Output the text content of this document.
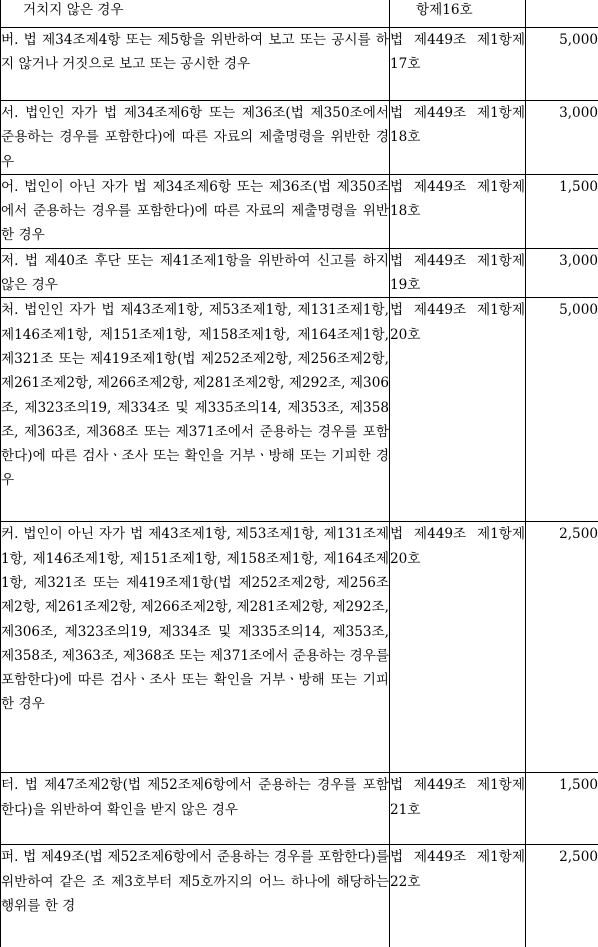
거치지 않은 경우	항제16호	

버. 법 제34조제4항 또는 제5항을 위반하여 보고 또는 공시를 하지 않거나 거짓으로 보고 또는 공시한 경우	법 제449조 제1항제17호	5,000

서. 법인인 자가 법 제34조제6항 또는 제36조(법 제350조에서 준용하는 경우를 포함한다)에 따른 자료의 제출명령을 위반한 경우	법 제449조 제1항제18호	3,000

어. 법인이 아닌 자가 법 제34조제6항 또는 제36조(법 제350조에서 준용하는 경우를 포함한다)에 따른 자료의 제출명령을 위반한 경우	법 제449조 제1항제18호	1,500

저. 법 제40조 후단 또는 제41조제1항을 위반하여 신고를 하지 않은 경우	법 제449조 제1항제19호	3,000

처. 법인인 자가 법 제43조제1항, 제53조제1항, 제131조제1항, 제146조제1항, 제151조제1항, 제158조제1항, 제164조제1항, 제321조 또는 제419조제1항(법 제252조제2항, 제256조제2항, 제261조제2항, 제266조제2항, 제281조제2항, 제292조, 제306조, 제323조의19, 제334조 및 제335조의14, 제353조, 제358조, 제363조, 제368조 또는 제371조에서 준용하는 경우를 포함한다)에 따른 검사ㆍ조사 또는 확인을 거부ㆍ방해 또는 기피한 경우	법 제449조 제1항제20호	5,000

커. 법인이 아닌 자가 법 제43조제1항, 제53조제1항, 제131조제1항, 제146조제1항, 제151조제1항, 제158조제1항, 제164조제1항, 제321조 또는 제419조제1항(법 제252조제2항, 제256조제2항, 제261조제2항, 제266조제2항, 제281조제2항, 제292조, 제306조, 제323조의19, 제334조 및 제335조의14, 제353조, 제358조, 제363조, 제368조 또는 제371조에서 준용하는 경우를 포함한다)에 따른 검사ㆍ조사 또는 확인을 거부ㆍ방해 또는 기피한 경우	법 제449조 제1항제20호	2,500

터. 법 제47조제2항(법 제52조제6항에서 준용하는 경우를 포함한다)을 위반하여 확인을 받지 않은 경우	법 제449조 제1항제21호	1,500

퍼. 법 제49조(법 제52조제6항에서 준용하는 경우를 포함한다)를 위반하여 같은 조 제3호부터 제5호까지의 어느 하나에 해당하는 행위를 한 경	법 제449조 제1항제22호	2,500
